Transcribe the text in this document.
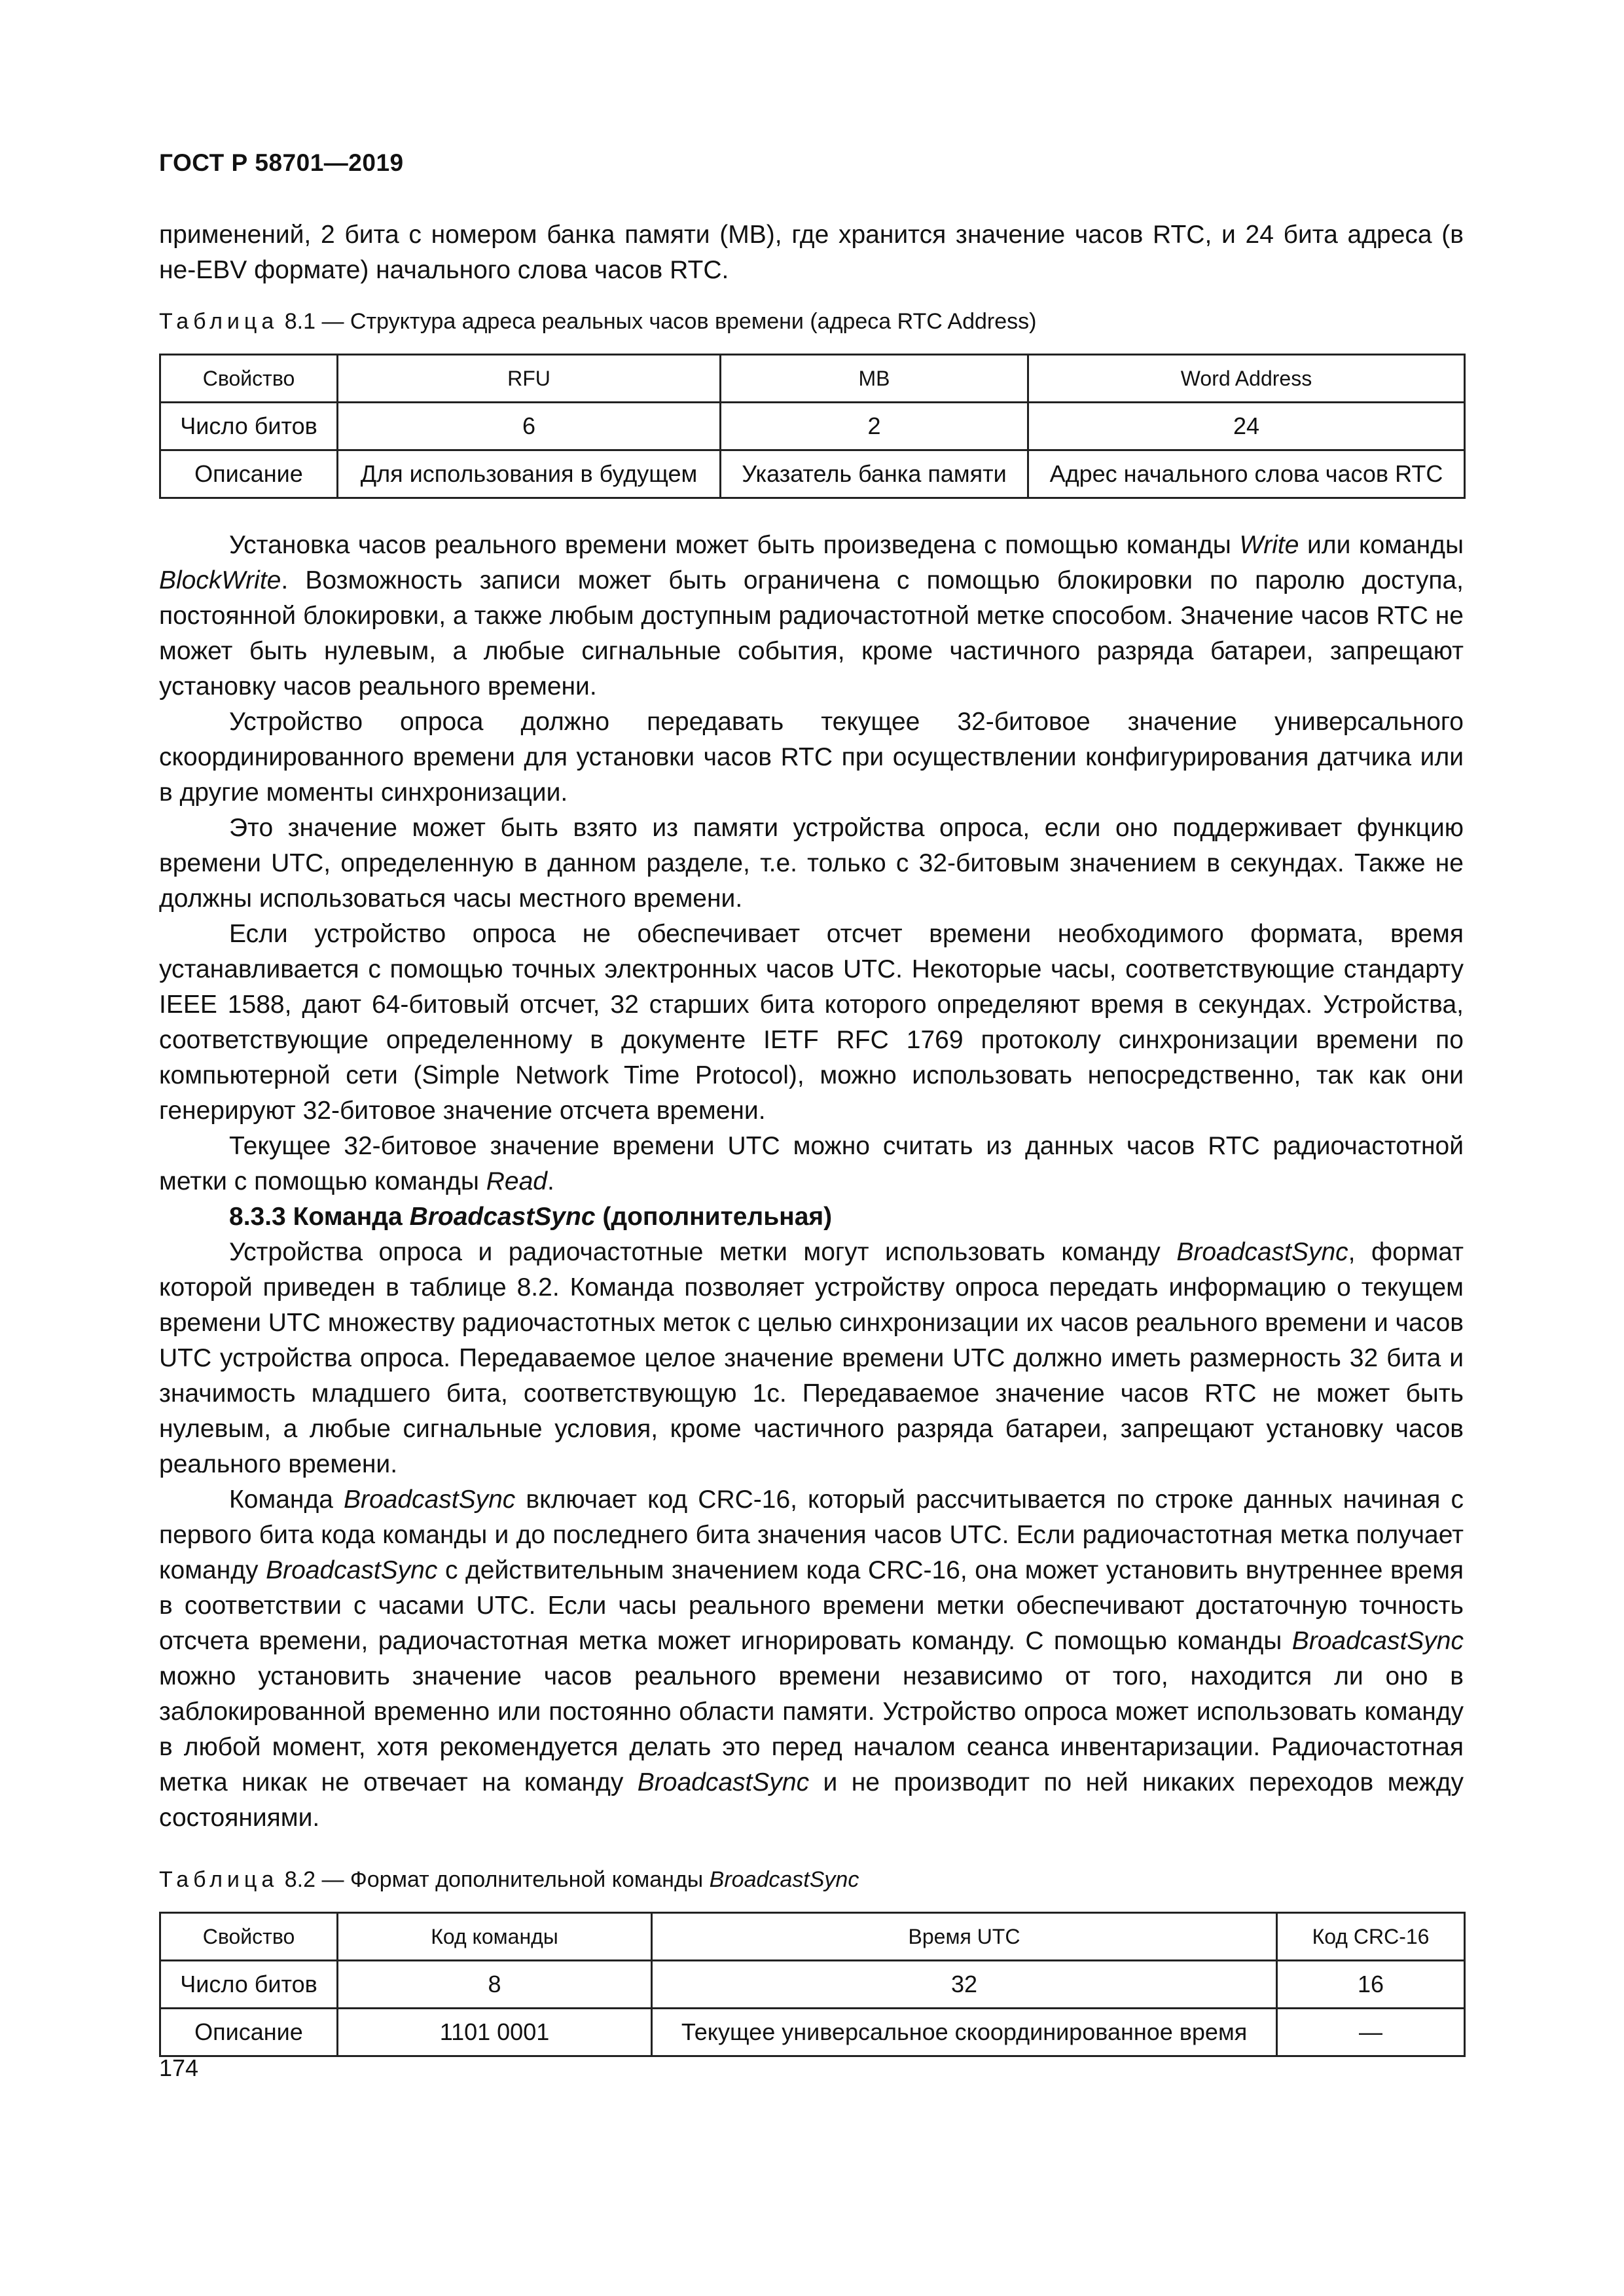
ГОСТ Р 58701—2019

применений, 2 бита с номером банка памяти (MB), где хранится значение часов RTC, и 24 бита адреса (в не-EBV формате) начального слова часов RTC.

Таблица 8.1 — Структура адреса реальных часов времени (адреса RTC Address)
Свойство	RFU	MB	Word Address
Число битов	6	2	24
Описание	Для использования в будущем	Указатель банка памяти	Адрес начального слова часов RTC

Установка часов реального времени может быть произведена с помощью команды Write или команды BlockWrite. Возможность записи может быть ограничена с помощью блокировки по паролю доступа, постоянной блокировки, а также любым доступным радиочастотной метке способом. Значение часов RTC не может быть нулевым, а любые сигнальные события, кроме частичного разряда батареи, запрещают установку часов реального времени.

Устройство опроса должно передавать текущее 32-битовое значение универсального скоординированного времени для установки часов RTC при осуществлении конфигурирования датчика или в другие моменты синхронизации.

Это значение может быть взято из памяти устройства опроса, если оно поддерживает функцию времени UTC, определенную в данном разделе, т.е. только с 32-битовым значением в секундах. Также не должны использоваться часы местного времени.

Если устройство опроса не обеспечивает отсчет времени необходимого формата, время устанавливается с помощью точных электронных часов UTC. Некоторые часы, соответствующие стандарту IEEE 1588, дают 64-битовый отсчет, 32 старших бита которого определяют время в секундах. Устройства, соответствующие определенному в документе IETF RFC 1769 протоколу синхронизации времени по компьютерной сети (Simple Network Time Protocol), можно использовать непосредственно, так как они генерируют 32-битовое значение отсчета времени.

Текущее 32-битовое значение времени UTC можно считать из данных часов RTC радиочастотной метки с помощью команды Read.

8.3.3 Команда BroadcastSync (дополнительная)

Устройства опроса и радиочастотные метки могут использовать команду BroadcastSync, формат которой приведен в таблице 8.2. Команда позволяет устройству опроса передать информацию о текущем времени UTC множеству радиочастотных меток с целью синхронизации их часов реального времени и часов UTC устройства опроса. Передаваемое целое значение времени UTC должно иметь размерность 32 бита и значимость младшего бита, соответствующую 1с. Передаваемое значение часов RTC не может быть нулевым, а любые сигнальные условия, кроме частичного разряда батареи, запрещают установку часов реального времени.

Команда BroadcastSync включает код CRC-16, который рассчитывается по строке данных начиная с первого бита кода команды и до последнего бита значения часов UTC. Если радиочастотная метка получает команду BroadcastSync с действительным значением кода CRC-16, она может установить внутреннее время в соответствии с часами UTC. Если часы реального времени метки обеспечивают достаточную точность отсчета времени, радиочастотная метка может игнорировать команду. С помощью команды BroadcastSync можно установить значение часов реального времени независимо от того, находится ли оно в заблокированной временно или постоянно области памяти. Устройство опроса может использовать команду в любой момент, хотя рекомендуется делать это перед началом сеанса инвентаризации. Радиочастотная метка никак не отвечает на команду BroadcastSync и не производит по ней никаких переходов между состояниями.

Таблица 8.2 — Формат дополнительной команды BroadcastSync
Свойство	Код команды	Время UTC	Код CRC-16
Число битов	8	32	16
Описание	1101 0001	Текущее универсальное скоординированное время	—
174
